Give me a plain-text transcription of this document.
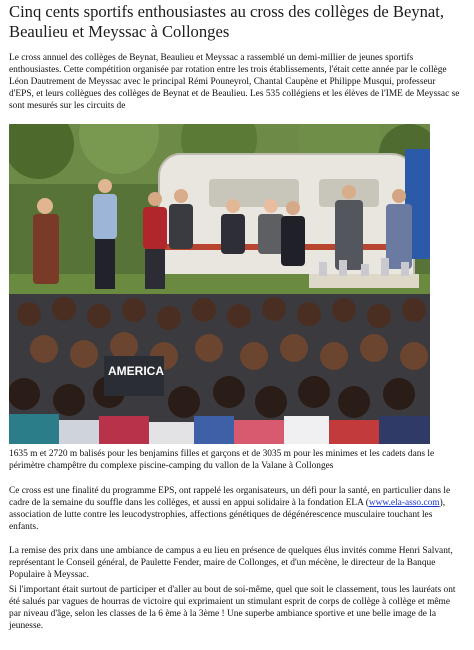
Cinq cents sportifs enthousiastes au cross des collèges de Beynat, Beaulieu et Meyssac à Collonges

Le cross annuel des collèges de Beynat, Beaulieu et Meyssac a rassemblé un demi-millier de jeunes sportifs enthousiastes. Cette compétition organisée par rotation entre les trois établissements, l'était cette année par le collège Léon Dautrement de Meyssac avec le principal Rémi Pouneyrol, Chantal Caupène et Philippe Musqui, professeur d'EPS, et leurs collègues des collèges de Beynat et de Beaulieu. Les 535 collégiens et les élèves de l'IME de Meyssac se sont mesurés sur les circuits de

AMERICA

1635 m et 2720 m balisés pour les benjamins filles et garçons et de 3035 m pour les minimes et les cadets dans le périmètre champêtre du complexe piscine-camping du vallon de la Valane à Collonges

Ce cross est une finalité du programme EPS, ont rappelé les organisateurs, un défi pour la santé, en particulier dans le cadre de la semaine du souffle dans les collèges, et aussi en appui solidaire à la fondation ELA (www.ela-asso.com), association de lutte contre les leucodystrophies, affections génétiques de dégénérescence musculaire touchant les enfants.

La remise des prix dans une ambiance de campus a eu lieu en présence de quelques élus invités comme Henri Salvant, représentant le Conseil général, de Paulette Fender, maire de Collonges, et d'un mécène, le directeur de la Banque Populaire à Meyssac.

Si l'important était surtout de participer et d'aller au bout de soi-même, quel que soit le classement, tous les lauréats ont été salués par vagues de hourras de victoire qui exprimaient un stimulant esprit de corps de collège à collège et même par niveau d'âge, selon les classes de la 6 ème à la 3ème ! Une superbe ambiance sportive et une belle image de la jeunesse.
